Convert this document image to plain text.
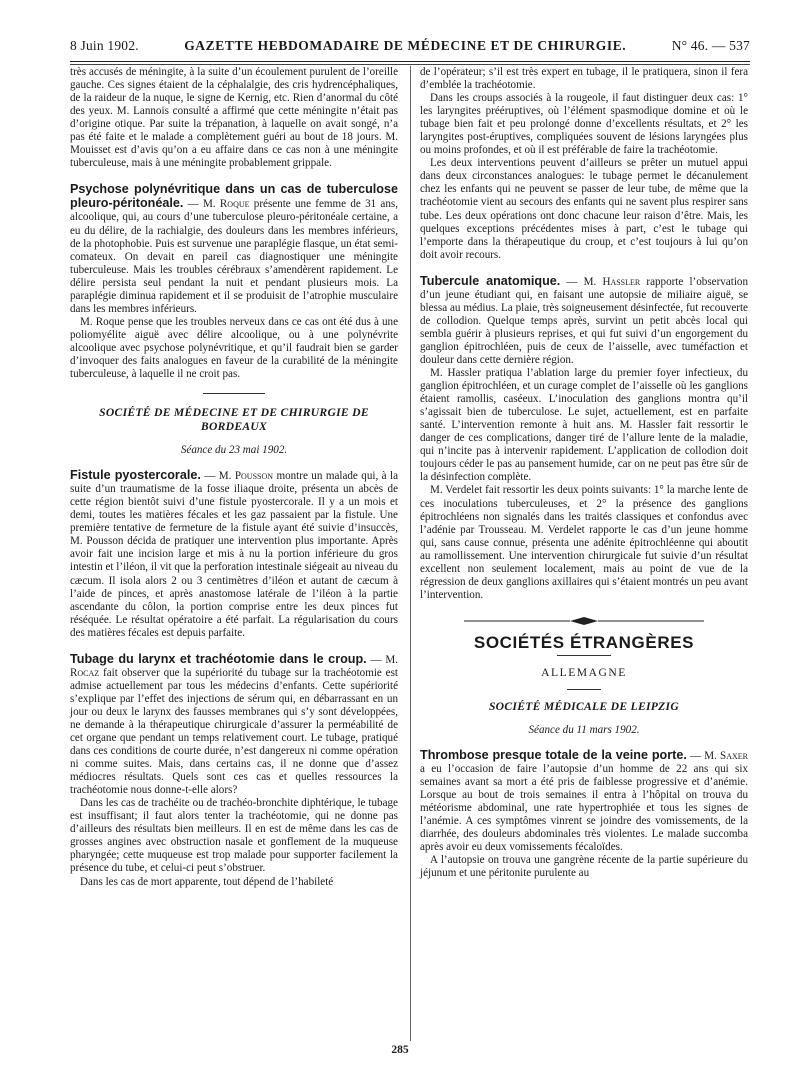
8 Juin 1902.	GAZETTE HEBDOMADAIRE DE MÉDECINE ET DE CHIRURGIE.	N° 46. — 537

très accusés de méningite, à la suite d’un écoulement purulent de l’oreille gauche. Ces signes étaient de la céphalalgie, des cris hydrencéphaliques, de la raideur de la nuque, le signe de Kernig, etc. Rien d’anormal du côté des yeux. M. Lannois consulté a affirmé que cette méningite n’était pas d’origine otique. Par suite la trépanation, à laquelle on avait songé, n’a pas été faite et le malade a complètement guéri au bout de 18 jours. M. Mouisset est d’avis qu’on a eu affaire dans ce cas non à une méningite tuberculeuse, mais à une méningite probablement grippale.

Psychose polynévritique dans un cas de tuberculose pleuro-péritonéale. — M. Roque présente une femme de 31 ans, alcoolique, qui, au cours d’une tuberculose pleuro-péritonéale certaine, a eu du délire, de la rachialgie, des douleurs dans les membres inférieurs, de la photophobie. Puis est survenue une paraplégie flasque, un état semi-comateux. On devait en pareil cas diagnostiquer une méningite tuberculeuse. Mais les troubles cérébraux s’amendèrent rapidement. Le délire persista seul pendant la nuit et pendant plusieurs mois. La paraplégie diminua rapidement et il se produisit de l’atrophie musculaire dans les membres inférieurs.

M. Roque pense que les troubles nerveux dans ce cas ont été dus à une poliomyélite aiguë avec délire alcoolique, ou à une polynévrite alcoolique avec psychose polynévritique, et qu’il faudrait bien se garder d’invoquer des faits analogues en faveur de la curabilité de la méningite tuberculeuse, à laquelle il ne croit pas.

SOCIÉTÉ DE MÉDECINE ET DE CHIRURGIE DE BORDEAUX
Séance du 23 mai 1902.

Fistule pyostercorale. — M. Pousson montre un malade qui, à la suite d’un traumatisme de la fosse iliaque droite, présenta un abcès de cette région bientôt suivi d’une fistule pyostercorale. Il y a un mois et demi, toutes les matières fécales et les gaz passaient par la fistule. Une première tentative de fermeture de la fistule ayant été suivie d’insuccès, M. Pousson décida de pratiquer une intervention plus importante. Après avoir fait une incision large et mis à nu la portion inférieure du gros intestin et l’iléon, il vit que la perforation intestinale siégeait au niveau du cæcum. Il isola alors 2 ou 3 centimètres d’iléon et autant de cæcum à l’aide de pinces, et après anastomose latérale de l’iléon à la partie ascendante du côlon, la portion comprise entre les deux pinces fut réséquée. Le résultat opératoire a été parfait. La régularisation du cours des matières fécales est depuis parfaite.

Tubage du larynx et trachéotomie dans le croup. — M. Rocaz fait observer que la supériorité du tubage sur la trachéotomie est admise actuellement par tous les médecins d’enfants. Cette supériorité s’explique par l’effet des injections de sérum qui, en débarrassant en un jour ou deux le larynx des fausses membranes qui s’y sont développées, ne demande à la thérapeutique chirurgicale d’assurer la perméabilité de cet organe que pendant un temps relativement court. Le tubage, pratiqué dans ces conditions de courte durée, n’est dangereux ni comme opération ni comme suites. Mais, dans certains cas, il ne donne que d’assez médiocres résultats. Quels sont ces cas et quelles ressources la trachéotomie nous donne-t-elle alors?

Dans les cas de trachéite ou de trachéo-bronchite diphtérique, le tubage est insuffisant; il faut alors tenter la trachéotomie, qui ne donne pas d’ailleurs des résultats bien meilleurs. Il en est de même dans les cas de grosses angines avec obstruction nasale et gonflement de la muqueuse pharyngée; cette muqueuse est trop malade pour supporter facilement la présence du tube, et celui-ci peut s’obstruer.

Dans les cas de mort apparente, tout dépend de l’habileté

de l’opérateur; s’il est très expert en tubage, il le pratiquera, sinon il fera d’emblée la trachéotomie.

Dans les croups associés à la rougeole, il faut distinguer deux cas: 1° les laryngites prééruptives, où l’élément spasmodique domine et où le tubage bien fait et peu prolongé donne d’excellents résultats, et 2° les laryngites post-éruptives, compliquées souvent de lésions laryngées plus ou moins profondes, et où il est préférable de faire la trachéotomie.

Les deux interventions peuvent d’ailleurs se prêter un mutuel appui dans deux circonstances analogues: le tubage permet le décanulement chez les enfants qui ne peuvent se passer de leur tube, de même que la trachéotomie vient au secours des enfants qui ne savent plus respirer sans tube. Les deux opérations ont donc chacune leur raison d’être. Mais, les quelques exceptions précédentes mises à part, c’est le tubage qui l’emporte dans la thérapeutique du croup, et c’est toujours à lui qu’on doit avoir recours.

Tubercule anatomique. — M. Hassler rapporte l’observation d’un jeune étudiant qui, en faisant une autopsie de miliaire aiguë, se blessa au médius. La plaie, très soigneusement désinfectée, fut recouverte de collodion. Quelque temps après, survint un petit abcès local qui sembla guérir à plusieurs reprises, et qui fut suivi d’un engorgement du ganglion épitrochléen, puis de ceux de l’aisselle, avec tuméfaction et douleur dans cette dernière région.

M. Hassler pratiqua l’ablation large du premier foyer infectieux, du ganglion épitrochléen, et un curage complet de l’aisselle où les ganglions étaient ramollis, caséeux. L’inoculation des ganglions montra qu’il s’agissait bien de tuberculose. Le sujet, actuellement, est en parfaite santé. L’intervention remonte à huit ans. M. Hassler fait ressortir le danger de ces complications, danger tiré de l’allure lente de la maladie, qui n’incite pas à intervenir rapidement. L’application de collodion doit toujours céder le pas au pansement humide, car on ne peut pas être sûr de la désinfection complète.

M. Verdelet fait ressortir les deux points suivants: 1° la marche lente de ces inoculations tuberculeuses, et 2° la présence des ganglions épitrochléens non signalés dans les traités classiques et confondus avec l’adénie par Trousseau. M. Verdelet rapporte le cas d’un jeune homme qui, sans cause connue, présenta une adénite épitrochléenne qui aboutit au ramollissement. Une intervention chirurgicale fut suivie d’un résultat excellent non seulement localement, mais au point de vue de la régression de deux ganglions axillaires qui s’étaient montrés un peu avant l’intervention.

SOCIÉTÉS ÉTRANGÈRES
ALLEMAGNE
SOCIÉTÉ MÉDICALE DE LEIPZIG
Séance du 11 mars 1902.

Thrombose presque totale de la veine porte. — M. Saxer a eu l’occasion de faire l’autopsie d’un homme de 22 ans qui six semaines avant sa mort a été pris de faiblesse progressive et d’anémie. Lorsque au bout de trois semaines il entra à l’hôpital on trouva du météorisme abdominal, une rate hypertrophiée et tous les signes de l’anémie. A ces symptômes vinrent se joindre des vomissements, de la diarrhée, des douleurs abdominales très violentes. Le malade succomba après avoir eu deux vomissements fécaloïdes.

A l’autopsie on trouva une gangrène récente de la partie supérieure du jéjunum et une péritonite purulente au

285
